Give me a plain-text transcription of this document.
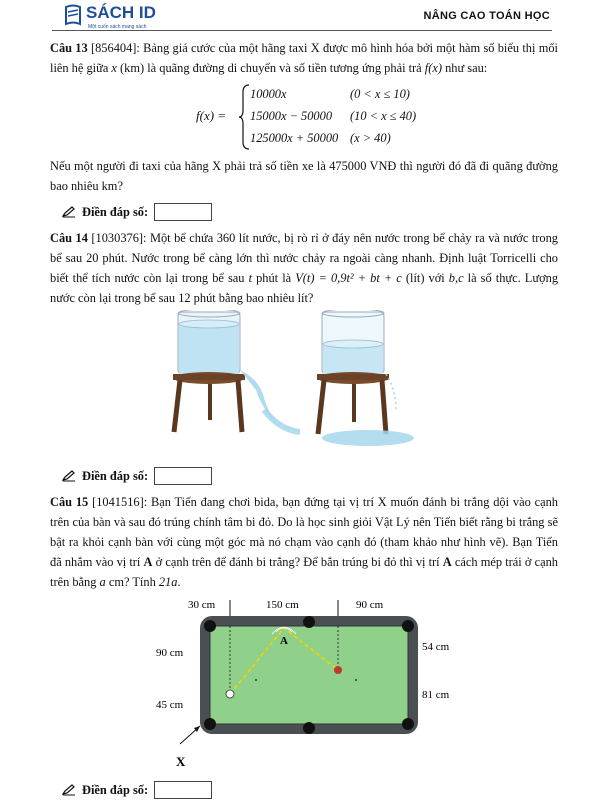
SÁCH ID
Một cuốn sách mang sách
NÂNG CAO TOÁN HỌC

Câu 13 [856404]: Bảng giá cước của một hãng taxi X được mô hình hóa bởi một hàm số biểu thị mối liên hệ giữa x (km) là quãng đường di chuyển và số tiền tương ứng phải trả f(x) như sau:

f(x) =
10000x	(0 < x ≤ 10)
15000x − 50000 (10 < x ≤ 40)
125000x + 50000 (x > 40)

Nếu một người đi taxi của hãng X phải trả số tiền xe là 475000 VNĐ thì người đó đã đi quãng đường bao nhiêu km?

Điền đáp số:

Câu 14 [1030376]: Một bể chứa 360 lít nước, bị rò rỉ ở đáy nên nước trong bể chảy ra và nước trong bể sau 20 phút. Nước trong bể càng lớn thì nước chảy ra ngoài càng nhanh. Định luật Torricelli cho biết thể tích nước còn lại trong bể sau t phút là V(t) = 0,9t² + bt + c (lít) với b,c là số thực. Lượng nước còn lại trong bể sau 12 phút bằng bao nhiêu lít?

Điền đáp số:

Câu 15 [1041516]: Bạn Tiến đang chơi bida, bạn đứng tại vị trí X muốn đánh bi trắng dội vào cạnh trên của bàn và sau đó trúng chính tâm bi đỏ. Do là học sinh giỏi Vật Lý nên Tiến biết rằng bi trắng sẽ bật ra khỏi cạnh bàn với cùng một góc mà nó chạm vào cạnh đó (tham khảo như hình vẽ). Bạn Tiến đã nhắm vào vị trí A ở cạnh trên để đánh bi trắng? Để bắn trúng bi đỏ thì vị trí A cách mép trái ở cạnh trên bằng a cm? Tính 21a.

30 cm	150 cm	90 cm
A
90 cm
45 cm
54 cm
81 cm
X
Điền đáp số:
